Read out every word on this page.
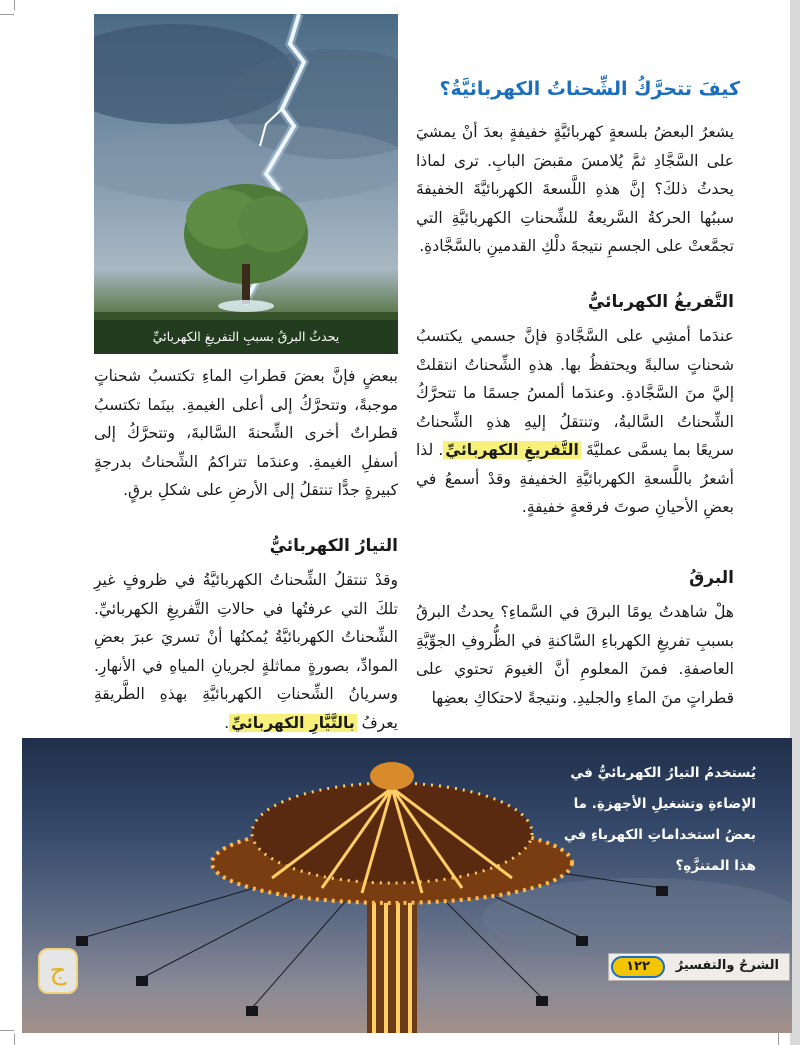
يحدثُ البرقُ بسببِ التفريغِ الكهربائيِّ
كيفَ تتحرَّكُ الشِّحناتُ الكهربائيَّةُ؟
يشعرُ البعضُ بلسعةٍ كهربائيَّةٍ خفيفةٍ بعدَ أنْ يمشيَ على السَّجَّادِ ثمَّ يُلامسَ مقبضَ البابِ. ترى لماذا يحدثُ ذلكَ؟ إنَّ هذهِ اللَّسعةَ الكهربائيَّةَ الخفيفةَ سببُها الحركةُ السَّريعةُ للشِّحناتِ الكهربائيَّةِ التي تجمَّعتْ على الجسمِ نتيجةَ دلْكِ القدمينِ بالسَّجَّادةِ.
التَّفريغُ الكهربائيُّ
عندَما أمشِي على السَّجَّادةِ فإنَّ جسمي يكتسبُ شحناتٍ سالبةً ويحتفظُ بها. هذهِ الشِّحناتُ انتقلتْ إليَّ منَ السَّجَّادةِ. وعندَما ألمسُ جسمًا ما تتحرَّكُ الشِّحناتُ السَّالبةُ، وتنتقلُ إليهِ هذهِ الشِّحناتُ سريعًا بما يسمَّى عمليَّةَ التَّفريغِ الكهربائيِّ. لذا أشعرُ باللَّسعةِ الكهربائيَّةِ الخفيفةِ وقدْ أسمعُ في بعضِ الأحيانِ صوتَ فرقعةٍ خفيفةٍ.
البرقُ
هلْ شاهدتُ يومًا البرقَ في السَّماءِ؟ يحدثُ البرقُ بسببِ تفريغِ الكهرباءِ السَّاكنةِ في الظُّروفِ الجوِّيَّةِ العاصفةِ. فمنَ المعلومِ أنَّ الغيومَ تحتوي على قطراتٍ منَ الماءِ والجليدِ. ونتيجةً لاحتكاكِ بعضِها
ببعضٍ فإنَّ بعضَ قطراتِ الماءِ تكتسبُ شحناتٍ موجبةً، وتتحرَّكُ إلى أعلى الغيمةِ. بينَما تكتسبُ قطراتٌ أخرى الشِّحنةَ السَّالبةَ، وتتحرَّكُ إلى أسفلِ الغيمةِ. وعندَما تتراكمُ الشِّحناتُ بدرجةٍ كبيرةٍ جدًّا تنتقلُ إلى الأرضِ على شكلِ برقٍ.
التيارُ الكهربائيُّ
وقدْ تنتقلُ الشِّحناتُ الكهربائيَّةُ في ظروفٍ غيرِ تلكَ التي عرفتُها في حالاتِ التَّفريغِ الكهربائيِّ. الشِّحناتُ الكهربائيَّةُ يُمكنُها أنْ تسريَ عبرَ بعضِ الموادِّ، بصورةٍ مماثلةٍ لجريانِ المياهِ في الأنهارِ. وسريانُ الشِّحناتِ الكهربائيَّةِ بهذهِ الطَّريقةِ يعرفُ بالتَّيَّارِ الكهربائيِّ.
يُستخدمُ التيارُ الكهربائيُّ في الإضاءةِ وتشغيلِ الأجهزةِ. ما بعضُ استخداماتِ الكهرباءِ في هذا المتنزَّهِ؟
الشرحُ والتفسيرُ
١٢٢
ج
